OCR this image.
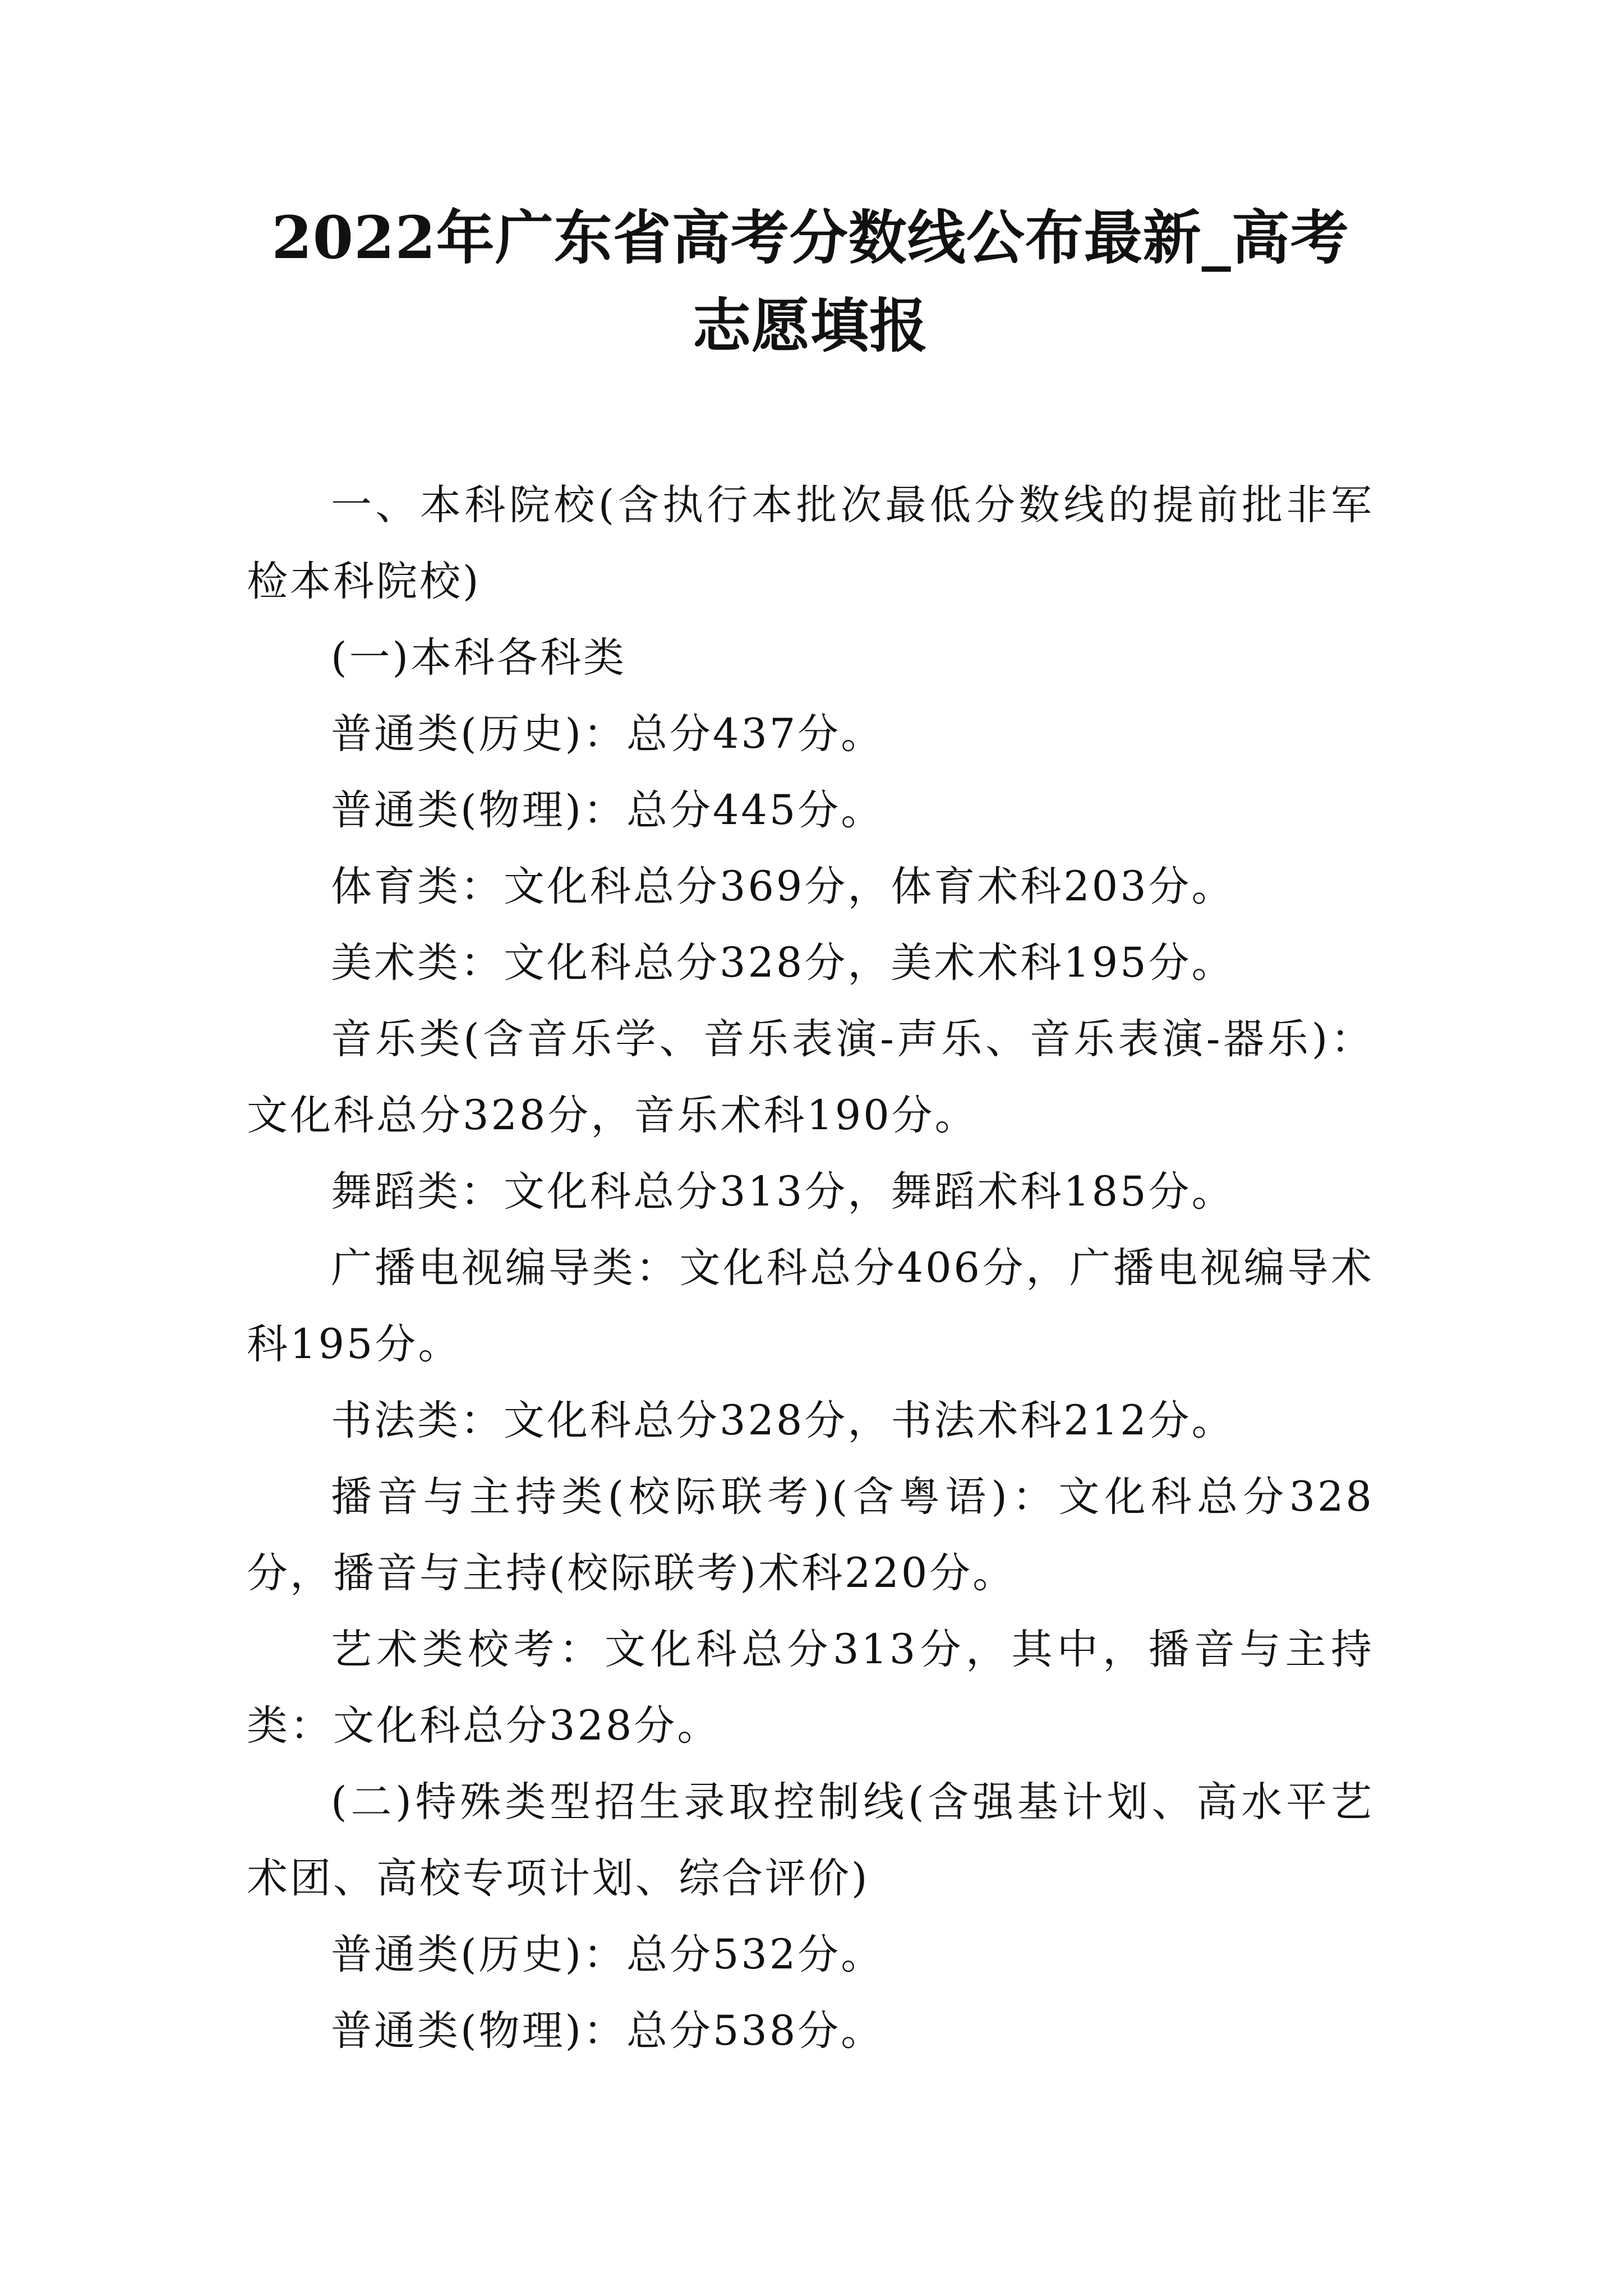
2022年广东省高考分数线公布最新_高考志愿填报

一、本科院校(含执行本批次最低分数线的提前批非军检本科院校)

(一)本科各科类

普通类(历史)：总分437分。

普通类(物理)：总分445分。

体育类：文化科总分369分，体育术科203分。

美术类：文化科总分328分，美术术科195分。

音乐类(含音乐学、音乐表演-声乐、音乐表演-器乐)：文化科总分328分，音乐术科190分。

舞蹈类：文化科总分313分，舞蹈术科185分。

广播电视编导类：文化科总分406分，广播电视编导术科195分。

书法类：文化科总分328分，书法术科212分。

播音与主持类(校际联考)(含粤语)：文化科总分328分，播音与主持(校际联考)术科220分。

艺术类校考：文化科总分313分，其中，播音与主持类：文化科总分328分。

(二)特殊类型招生录取控制线(含强基计划、高水平艺术团、高校专项计划、综合评价)

普通类(历史)：总分532分。

普通类(物理)：总分538分。
